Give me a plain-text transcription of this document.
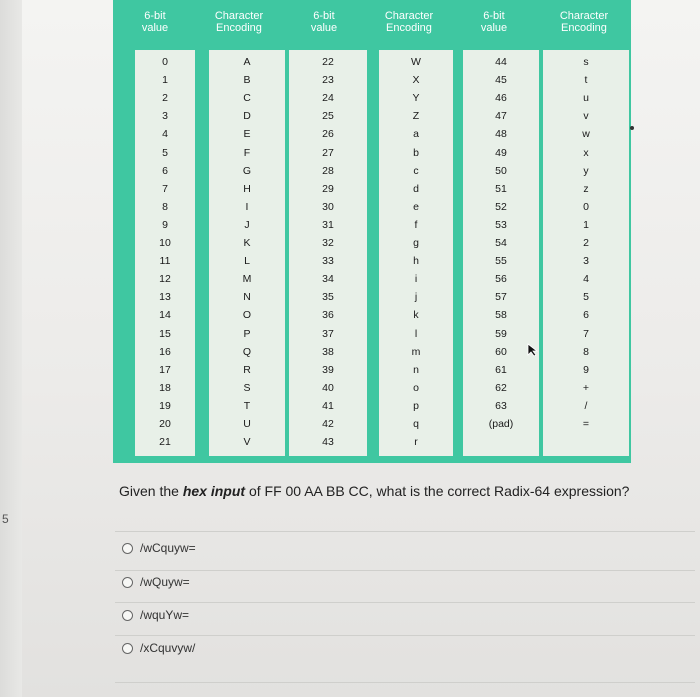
5
6-bit
value
Character
Encoding
6-bit
value
Character
Encoding
6-bit
value
Character
Encoding
0
1
2
3
4
5
6
7
8
9
10
11
12
13
14
15
16
17
18
19
20
21
A
B
C
D
E
F
G
H
I
J
K
L
M
N
O
P
Q
R
S
T
U
V
22
23
24
25
26
27
28
29
30
31
32
33
34
35
36
37
38
39
40
41
42
43
W
X
Y
Z
a
b
c
d
e
f
g
h
i
j
k
l
m
n
o
p
q
r
44
45
46
47
48
49
50
51
52
53
54
55
56
57
58
59
60
61
62
63
(pad)
s
t
u
v
w
x
y
z
0
1
2
3
4
5
6
7
8
9
+
/
=
Given the hex input of FF 00 AA BB CC, what is the correct Radix-64 expression?
/wCquyw=
/wQuyw=
/wquYw=
/xCquvyw/
